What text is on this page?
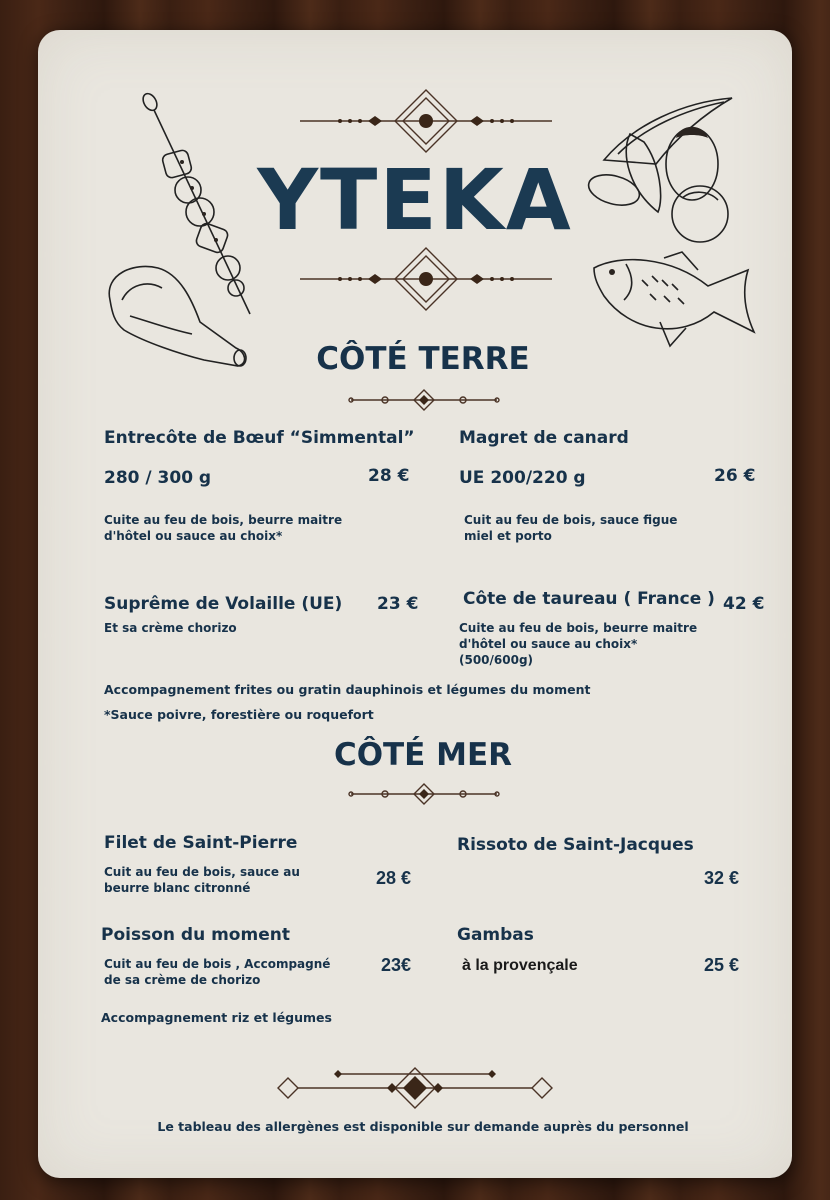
YTEKA
CÔTÉ TERRE
Entrecôte de Bœuf “Simmental”
280 / 300 g	28 €
Cuite au feu de bois, beurre maitre
d'hôtel ou sauce au choix*
Magret de canard
UE 200/220 g	26 €
Cuit au feu de bois, sauce figue
miel et porto
Suprême de Volaille (UE) 23 €
Et sa crème chorizo
Côte de taureau ( France ) 42 €
Cuite au feu de bois, beurre maitre
d'hôtel ou sauce au choix*
(500/600g)
Accompagnement frites ou gratin dauphinois et légumes du moment
*Sauce poivre, forestière ou roquefort
CÔTÉ MER
Filet de Saint-Pierre
28 €
Cuit au feu de bois, sauce au
beurre blanc citronné
Rissoto de Saint-Jacques
32 €
Poisson du moment
23€
Cuit au feu de bois , Accompagné
de sa crème de chorizo
Gambas
à la provençale	25 €
Accompagnement riz et légumes
Le tableau des allergènes est disponible sur demande auprès du personnel
